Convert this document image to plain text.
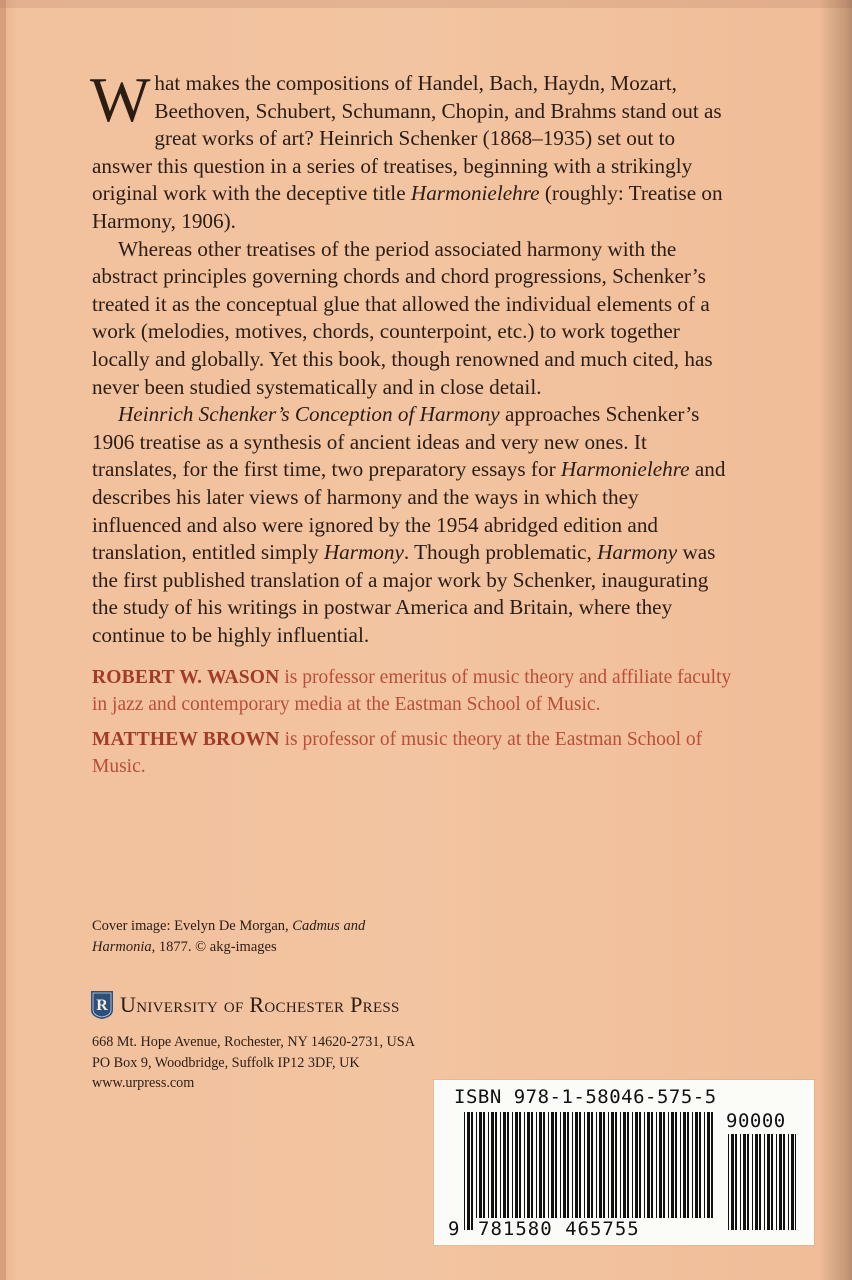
What makes the compositions of Handel, Bach, Haydn, Mozart, Beethoven, Schubert, Schumann, Chopin, and Brahms stand out as great works of art? Heinrich Schenker (1868–1935) set out to answer this question in a series of treatises, beginning with a strikingly original work with the deceptive title Harmonielehre (roughly: Treatise on Harmony, 1906).

Whereas other treatises of the period associated harmony with the abstract principles governing chords and chord progressions, Schenker’s treated it as the conceptual glue that allowed the individual elements of a work (melodies, motives, chords, counterpoint, etc.) to work together locally and globally. Yet this book, though renowned and much cited, has never been studied systematically and in close detail.

Heinrich Schenker’s Conception of Harmony approaches Schenker’s 1906 treatise as a synthesis of ancient ideas and very new ones. It translates, for the first time, two preparatory essays for Harmonielehre and describes his later views of harmony and the ways in which they influenced and also were ignored by the 1954 abridged edition and translation, entitled simply Harmony. Though problematic, Harmony was the first published translation of a major work by Schenker, inaugurating the study of his writings in postwar America and Britain, where they continue to be highly influential.

ROBERT W. WASON is professor emeritus of music theory and affiliate faculty in jazz and contemporary media at the Eastman School of Music.

MATTHEW BROWN is professor of music theory at the Eastman School of Music.

Cover image: Evelyn De Morgan, Cadmus and Harmonia, 1877. © akg-images
R University of Rochester Press
668 Mt. Hope Avenue, Rochester, NY 14620-2731, USA
PO Box 9, Woodbridge, Suffolk IP12 3DF, UK
www.urpress.com
ISBN 978-1-58046-575-5
90000
9 781580 465755
